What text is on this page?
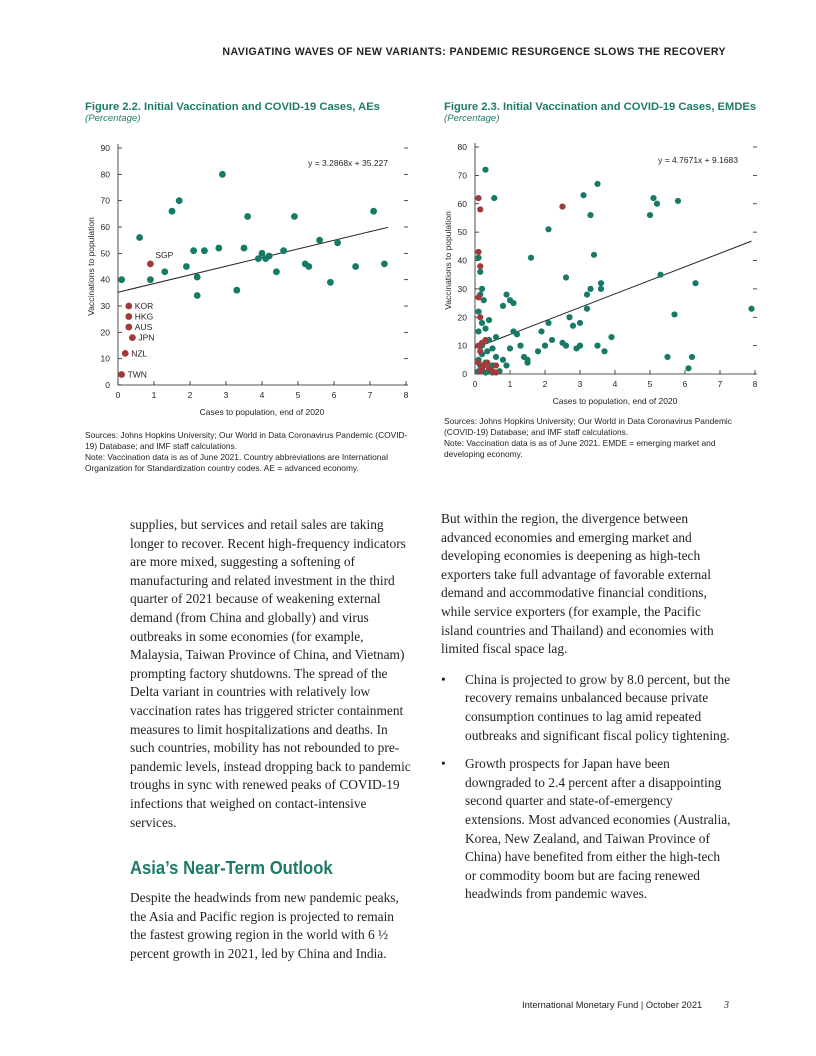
NAVIGATING WAVES OF NEW VARIANTS: PANDEMIC RESURGENCE SLOWS THE RECOVERY
Figure 2.2. Initial Vaccination and COVID-19 Cases, AEs
(Percentage)
0
10
20
30
40
50
60
70
80
90
0	1	2	3	4	5	6	7	8
Cases to population, end of 2020
Vaccinations to population
y = 3.2868x + 35.227
KOR
HKG
AUS
JPN
NZL
TWN
SGP
Sources: Johns Hopkins University; Our World in Data Coronavirus Pandemic (COVID-19) Database; and IMF staff calculations.
Note: Vaccination data is as of June 2021. Country abbreviations are International Organization for Standardization country codes. AE = advanced economy.
Figure 2.3. Initial Vaccination and COVID-19 Cases, EMDEs
(Percentage)
0
10
20
30
40
50
60
70
80
0	1	2	3	4	5	6	7	8
Cases to population, end of 2020
Vaccinations to population
y = 4.7671x + 9.1683
Sources: Johns Hopkins University; Our World in Data Coronavirus Pandemic (COVID-19) Database; and IMF staff calculations.
Note: Vaccination data is as of June 2021. EMDE = emerging market and developing economy.

supplies, but services and retail sales are taking longer to recover. Recent high-frequency indicators are more mixed, suggesting a softening of manufacturing and related investment in the third quarter of 2021 because of weakening external demand (from China and globally) and virus outbreaks in some economies (for example, Malaysia, Taiwan Province of China, and Vietnam) prompting factory shutdowns. The spread of the Delta variant in countries with relatively low vaccination rates has triggered stricter containment measures to limit hospitalizations and deaths. In such countries, mobility has not rebounded to pre-pandemic levels, instead dropping back to pandemic troughs in sync with renewed peaks of COVID-19 infections that weighed on contact-intensive services.

Asia’s Near-Term Outlook

Despite the headwinds from new pandemic peaks, the Asia and Pacific region is projected to remain the fastest growing region in the world with 6 ½ percent growth in 2021, led by China and India.

But within the region, the divergence between advanced economies and emerging market and developing economies is deepening as high-tech exporters take full advantage of favorable external demand and accommodative financial conditions, while service exporters (for example, the Pacific island countries and Thailand) and economies with limited fiscal space lag.

• China is projected to grow by 8.0 percent, but the recovery remains unbalanced because private consumption continues to lag amid repeated outbreaks and significant fiscal policy tightening.
• Growth prospects for Japan have been downgraded to 2.4 percent after a disappointing second quarter and state-of-emergency extensions. Most advanced economies (Australia, Korea, New Zealand, and Taiwan Province of China) have benefited from either the high-tech or commodity boom but are facing renewed headwinds from pandemic waves.
International Monetary Fund | October 2021 3
